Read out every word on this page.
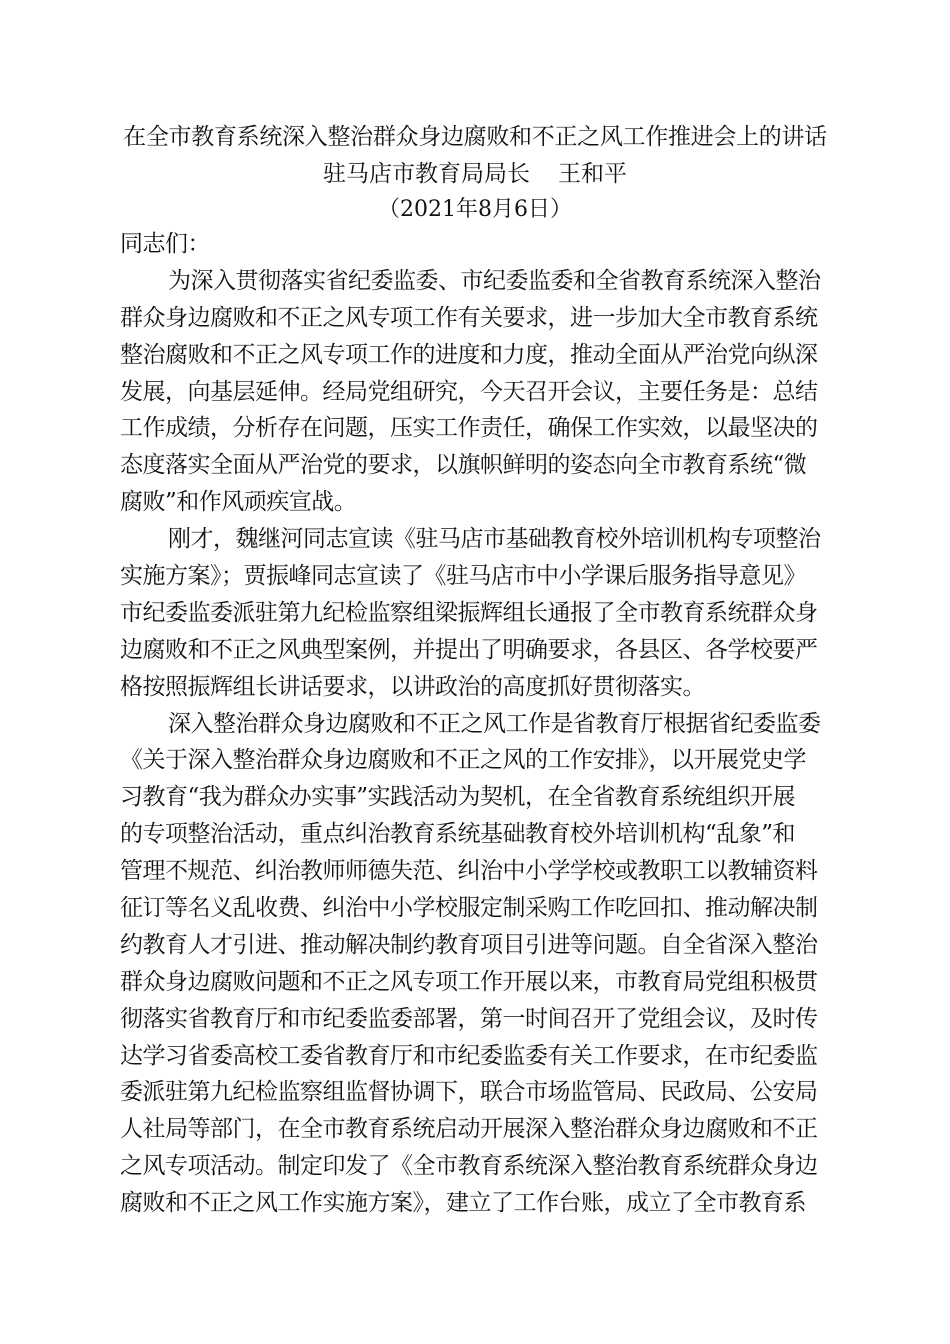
在全市教育系统深入整治群众身边腐败和不正之风工作推进会上的讲话
驻马店市教育局局长 王和平
（2021年8月6日）
同志们：
为深入贯彻落实省纪委监委、市纪委监委和全省教育系统深入整治
群众身边腐败和不正之风专项工作有关要求，进一步加大全市教育系统
整治腐败和不正之风专项工作的进度和力度，推动全面从严治党向纵深
发展，向基层延伸。经局党组研究，今天召开会议，主要任务是：总结
工作成绩，分析存在问题，压实工作责任，确保工作实效，以最坚决的
态度落实全面从严治党的要求，以旗帜鲜明的姿态向全市教育系统“微
腐败”和作风顽疾宣战。
刚才，魏继河同志宣读《驻马店市基础教育校外培训机构专项整治
实施方案》；贾振峰同志宣读了《驻马店市中小学课后服务指导意见》
市纪委监委派驻第九纪检监察组梁振辉组长通报了全市教育系统群众身
边腐败和不正之风典型案例，并提出了明确要求，各县区、各学校要严
格按照振辉组长讲话要求，以讲政治的高度抓好贯彻落实。
深入整治群众身边腐败和不正之风工作是省教育厅根据省纪委监委
《关于深入整治群众身边腐败和不正之风的工作安排》，以开展党史学
习教育“我为群众办实事”实践活动为契机，在全省教育系统组织开展
的专项整治活动，重点纠治教育系统基础教育校外培训机构“乱象”和
管理不规范、纠治教师师德失范、纠治中小学学校或教职工以教辅资料
征订等名义乱收费、纠治中小学校服定制采购工作吃回扣、推动解决制
约教育人才引进、推动解决制约教育项目引进等问题。自全省深入整治
群众身边腐败问题和不正之风专项工作开展以来，市教育局党组积极贯
彻落实省教育厅和市纪委监委部署，第一时间召开了党组会议，及时传
达学习省委高校工委省教育厅和市纪委监委有关工作要求，在市纪委监
委派驻第九纪检监察组监督协调下，联合市场监管局、民政局、公安局
人社局等部门，在全市教育系统启动开展深入整治群众身边腐败和不正
之风专项活动。制定印发了《全市教育系统深入整治教育系统群众身边
腐败和不正之风工作实施方案》，建立了工作台账，成立了全市教育系
